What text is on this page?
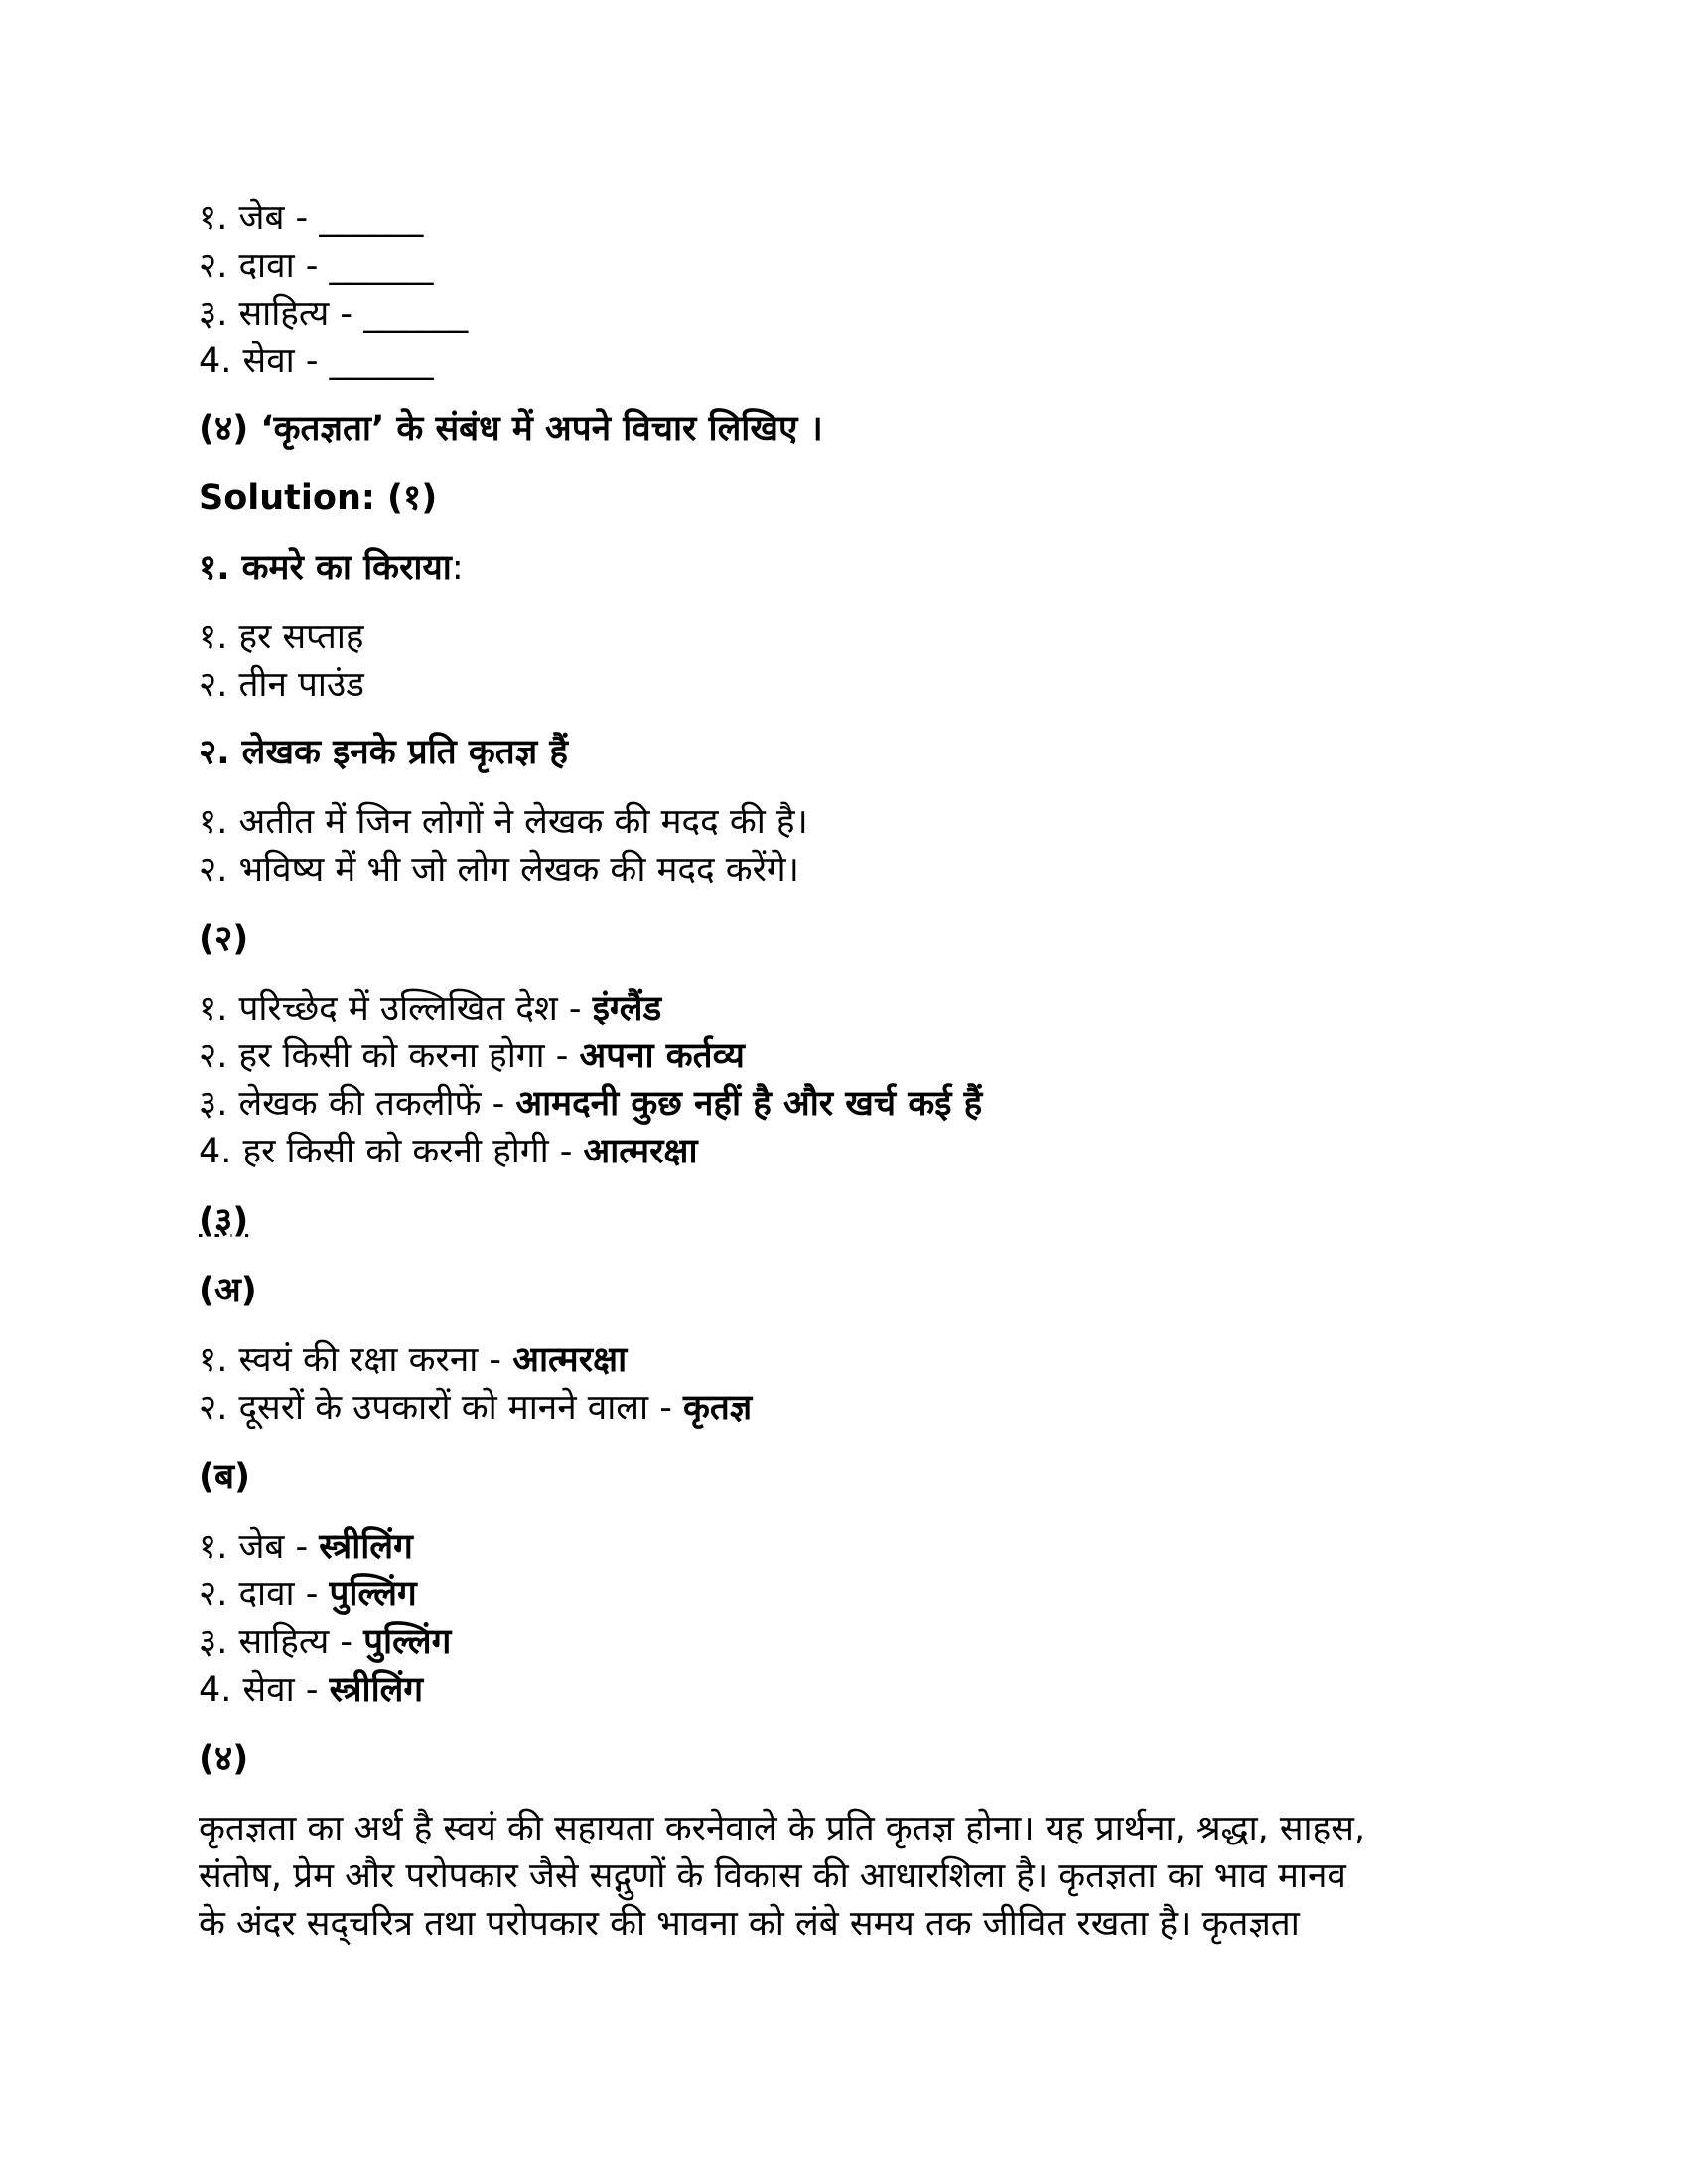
१. जेब - ______
२. दावा - ______
३. साहित्य - ______
4. सेवा - ______
(४) ‘कृतज्ञता’ के संबंध में अपने विचार लिखिए ।
Solution: (१)
१. कमरे का किराया:
१. हर सप्ताह
२. तीन पाउंड
२. लेखक इनके प्रति कृतज्ञ हैं
१. अतीत में जिन लोगों ने लेखक की मदद की है।
२. भविष्य में भी जो लोग लेखक की मदद करेंगे।
(२)
१. परिच्छेद में उल्लिखित देश - इंग्लैंड
२. हर किसी को करना होगा - अपना कर्तव्य
३. लेखक की तकलीफें - आमदनी कुछ नहीं है और खर्च कई हैं
4. हर किसी को करनी होगी - आत्मरक्षा
(३)
(अ)
१. स्वयं की रक्षा करना - आत्मरक्षा
२. दूसरों के उपकारों को मानने वाला - कृतज्ञ
(ब)
१. जेब - स्त्रीलिंग
२. दावा - पुल्लिंग
३. साहित्य - पुल्लिंग
4. सेवा - स्त्रीलिंग
(४)
कृतज्ञता का अर्थ है स्वयं की सहायता करनेवाले के प्रति कृतज्ञ होना। यह प्रार्थना, श्रद्धा, साहस,
संतोष, प्रेम और परोपकार जैसे सद्गुणों के विकास की आधारशिला है। कृतज्ञता का भाव मानव
के अंदर सद्चरित्र तथा परोपकार की भावना को लंबे समय तक जीवित रखता है। कृतज्ञता
